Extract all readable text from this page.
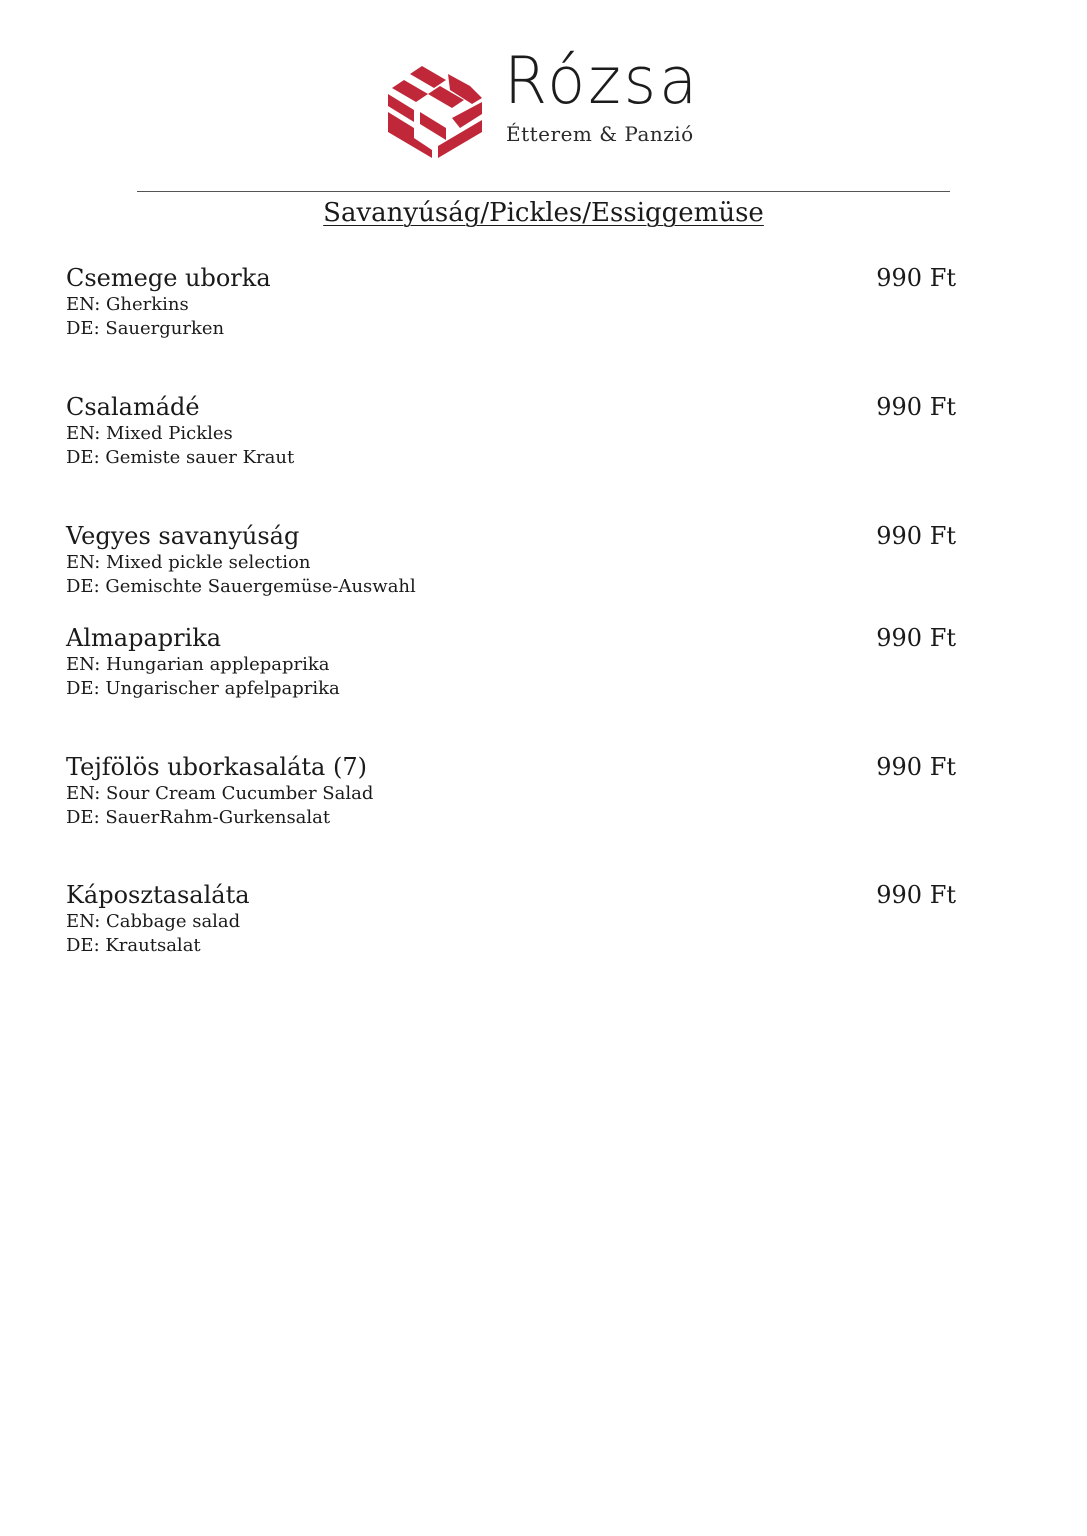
Rózsa
Étterem & Panzió
Savanyúság/Pickles/Essiggemüse
Csemege uborka	990 Ft
EN: Gherkins
DE: Sauergurken
Csalamádé	990 Ft
EN: Mixed Pickles
DE: Gemiste sauer Kraut
Vegyes savanyúság	990 Ft
EN: Mixed pickle selection
DE: Gemischte Sauergemüse-Auswahl
Almapaprika	990 Ft
EN: Hungarian applepaprika
DE: Ungarischer apfelpaprika
Tejfölös uborkasaláta (7)	990 Ft
EN: Sour Cream Cucumber Salad
DE: SauerRahm-Gurkensalat
Káposztasaláta	990 Ft
EN: Cabbage salad
DE: Krautsalat
